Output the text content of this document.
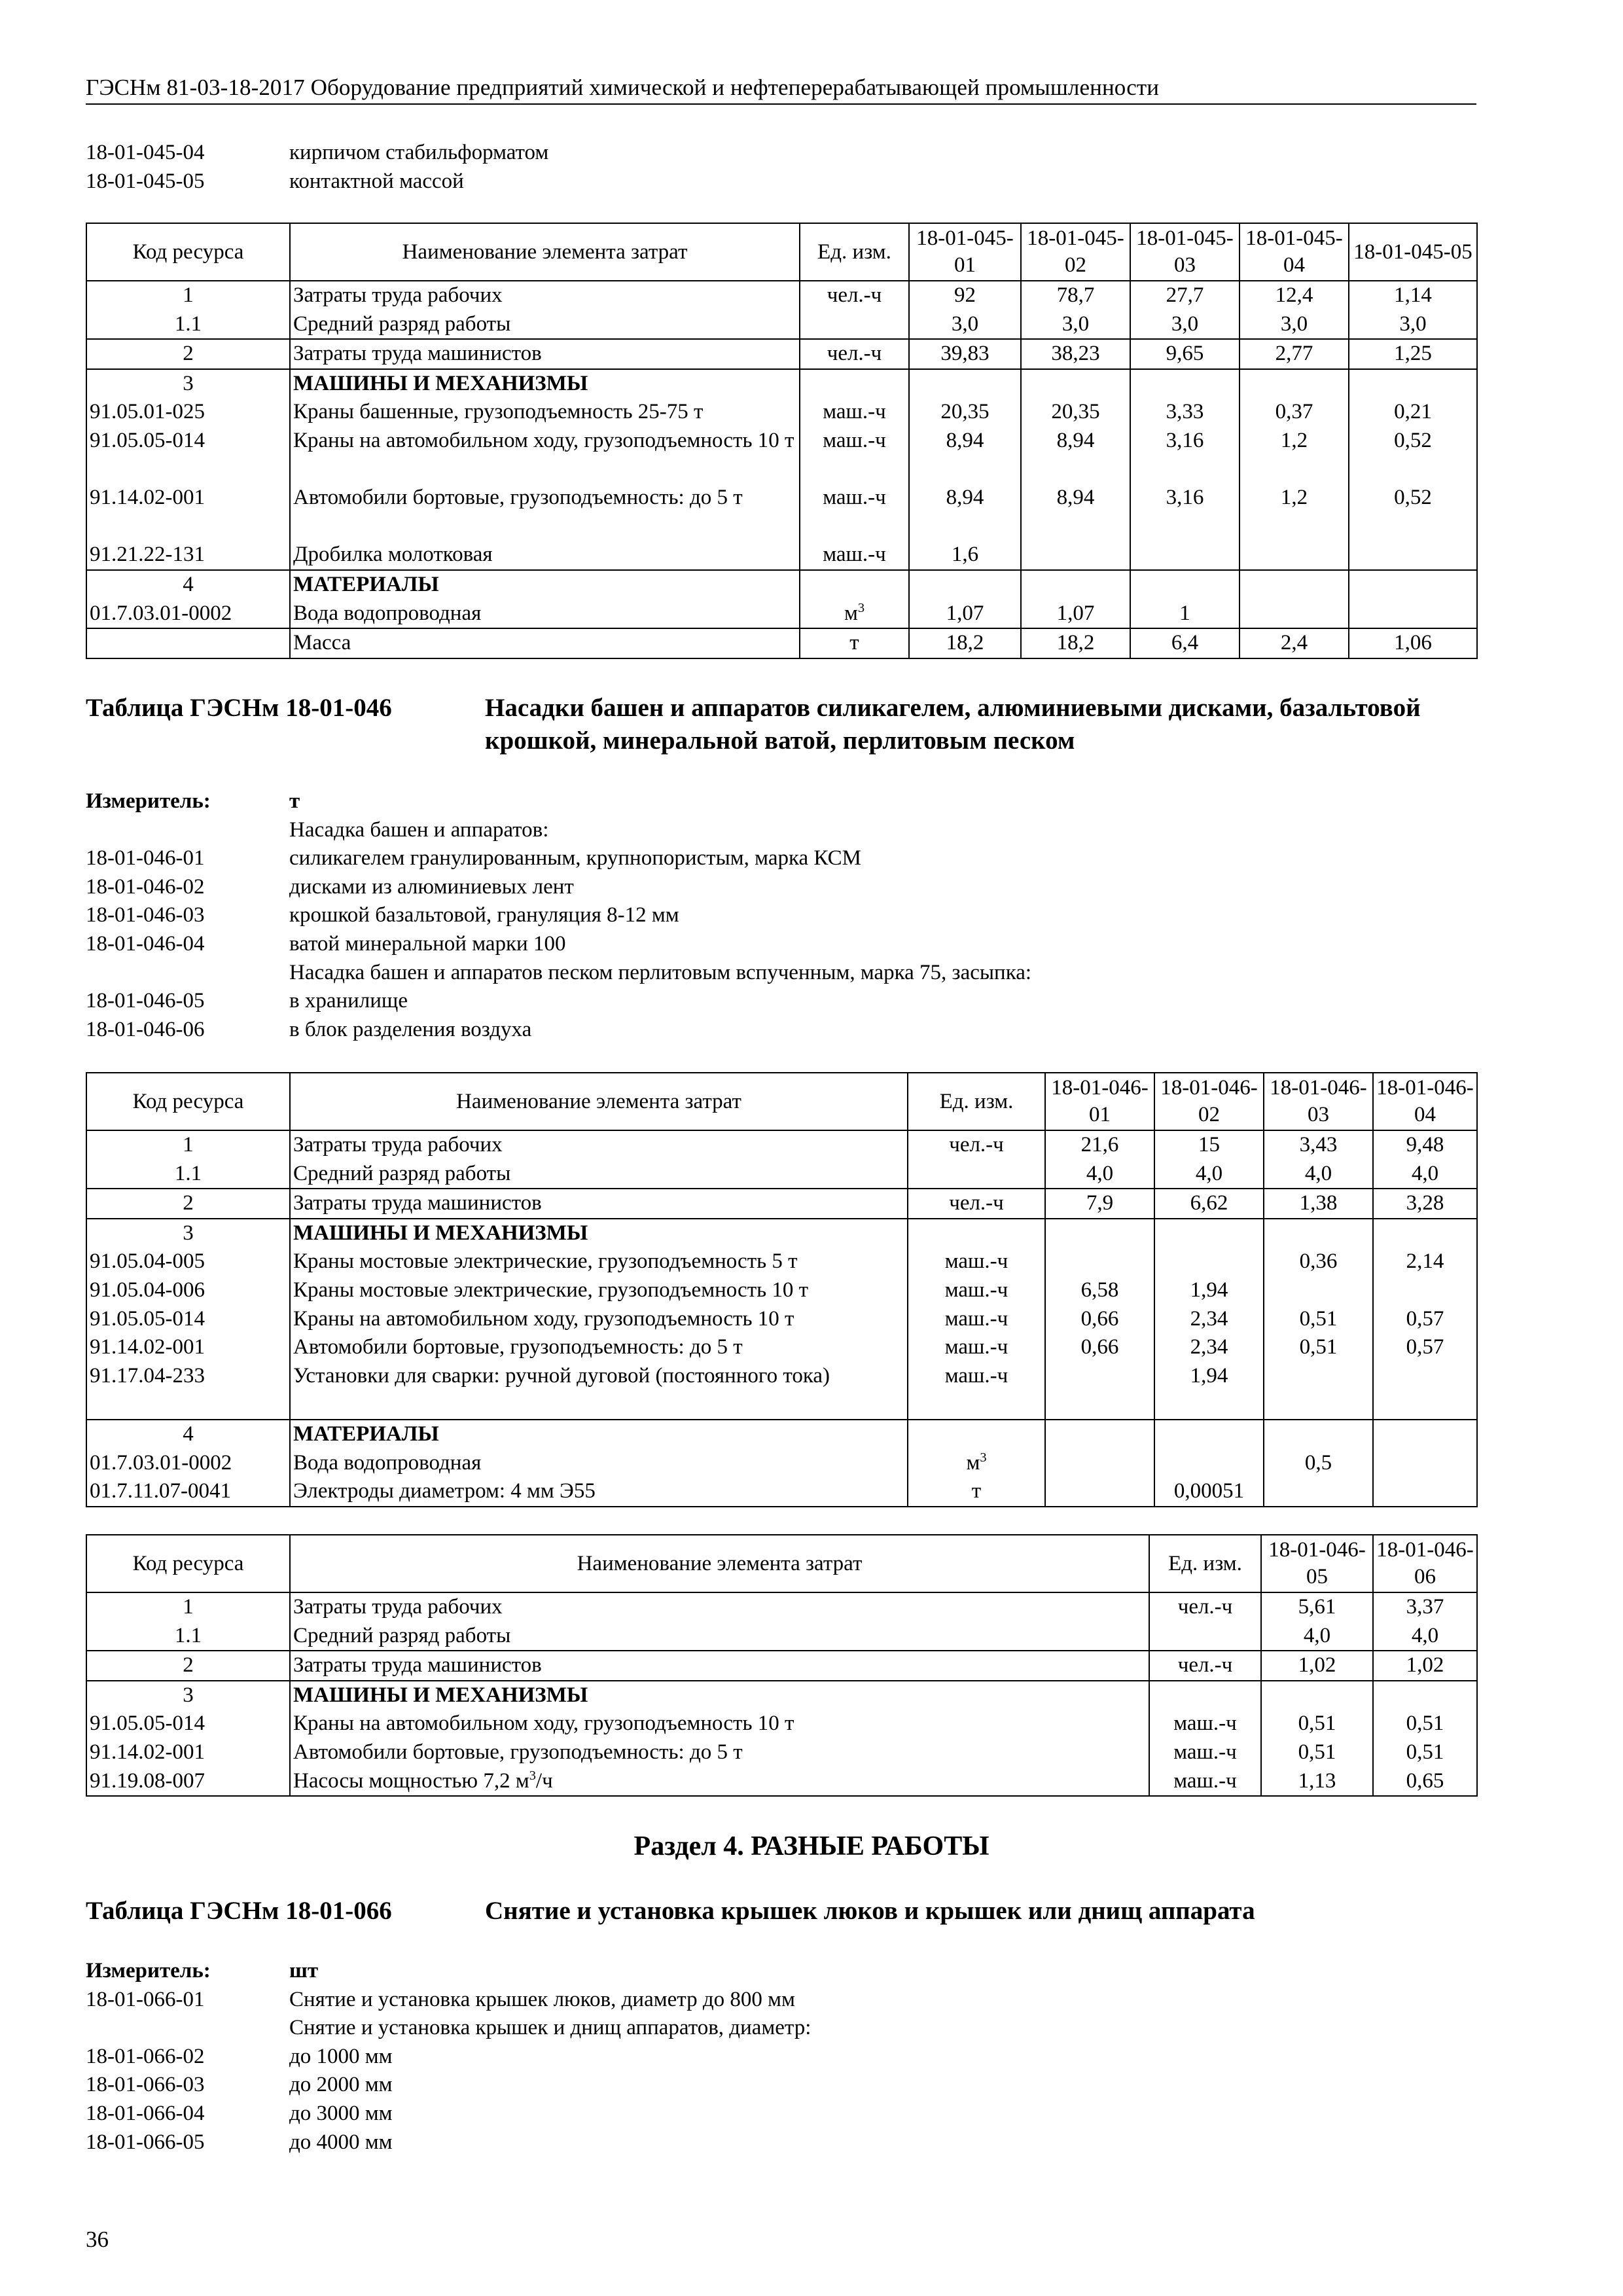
ГЭСНм 81-03-18-2017 Оборудование предприятий химической и нефтеперерабатывающей промышленности
18-01-045-04	кирпичом стабильформатом
18-01-045-05	контактной массой
Код ресурса	Наименование элемента затрат	Ед. изм.	18-01-045-01	18-01-045-02	18-01-045-03	18-01-045-04	18-01-045-05
1	Затраты труда рабочих	чел.-ч	92	78,7	27,7	12,4	1,14
1.1	Средний разряд работы		3,0	3,0	3,0	3,0	3,0
2	Затраты труда машинистов	чел.-ч	39,83	38,23	9,65	2,77	1,25
3	МАШИНЫ И МЕХАНИЗМЫ						
91.05.01-025	Краны башенные, грузоподъемность 25-75 т	маш.-ч	20,35	20,35	3,33	0,37	0,21
91.05.05-014	Краны на автомобильном ходу, грузоподъемность 10 т	маш.-ч	8,94	8,94	3,16	1,2	0,52
91.14.02-001	Автомобили бортовые, грузоподъемность: до 5 т	маш.-ч	8,94	8,94	3,16	1,2	0,52
91.21.22-131	Дробилка молотковая	маш.-ч	1,6				
4	МАТЕРИАЛЫ						
01.7.03.01-0002	Вода водопроводная	$м^3$	1,07	1,07	1		
	Масса	т	18,2	18,2	6,4	2,4	1,06
Таблица ГЭСНм 18-01-046	Насадки башен и аппаратов силикагелем, алюминиевыми дисками, базальтовой крошкой, минеральной ватой, перлитовым песком
Измеритель:	т
Насадка башен и аппаратов:
18-01-046-01	силикагелем гранулированным, крупнопористым, марка КСМ
18-01-046-02	дисками из алюминиевых лент
18-01-046-03	крошкой базальтовой, грануляция 8-12 мм
18-01-046-04	ватой минеральной марки 100
Насадка башен и аппаратов песком перлитовым вспученным, марка 75, засыпка:
18-01-046-05	в хранилище
18-01-046-06	в блок разделения воздуха
Код ресурса	Наименование элемента затрат	Ед. изм.	18-01-046-01	18-01-046-02	18-01-046-03	18-01-046-04
1	Затраты труда рабочих	чел.-ч	21,6	15	3,43	9,48
1.1	Средний разряд работы		4,0	4,0	4,0	4,0
2	Затраты труда машинистов	чел.-ч	7,9	6,62	1,38	3,28
3	МАШИНЫ И МЕХАНИЗМЫ					
91.05.04-005	Краны мостовые электрические, грузоподъемность 5 т	маш.-ч			0,36	2,14
91.05.04-006	Краны мостовые электрические, грузоподъемность 10 т	маш.-ч	6,58	1,94		
91.05.05-014	Краны на автомобильном ходу, грузоподъемность 10 т	маш.-ч	0,66	2,34	0,51	0,57
91.14.02-001	Автомобили бортовые, грузоподъемность: до 5 т	маш.-ч	0,66	2,34	0,51	0,57
91.17.04-233	Установки для сварки: ручной дуговой (постоянного тока)	маш.-ч		1,94		
4	МАТЕРИАЛЫ					
01.7.03.01-0002	Вода водопроводная	$м^3$			0,5	
01.7.11.07-0041	Электроды диаметром: 4 мм Э55	т		0,00051		
Код ресурса	Наименование элемента затрат	Ед. изм.	18-01-046-05	18-01-046-06
1	Затраты труда рабочих	чел.-ч	5,61	3,37
1.1	Средний разряд работы		4,0	4,0
2	Затраты труда машинистов	чел.-ч	1,02	1,02
3	МАШИНЫ И МЕХАНИЗМЫ			
91.05.05-014	Краны на автомобильном ходу, грузоподъемность 10 т	маш.-ч	0,51	0,51
91.14.02-001	Автомобили бортовые, грузоподъемность: до 5 т	маш.-ч	0,51	0,51
91.19.08-007	Насосы мощностью 7,2 $м^3/ч$	маш.-ч	1,13	0,65
Раздел 4. РАЗНЫЕ РАБОТЫ
Таблица ГЭСНм 18-01-066	Снятие и установка крышек люков и крышек или днищ аппарата
Измеритель:	шт
18-01-066-01	Снятие и установка крышек люков, диаметр до 800 мм
Снятие и установка крышек и днищ аппаратов, диаметр:
18-01-066-02	до 1000 мм
18-01-066-03	до 2000 мм
18-01-066-04	до 3000 мм
18-01-066-05	до 4000 мм
36
